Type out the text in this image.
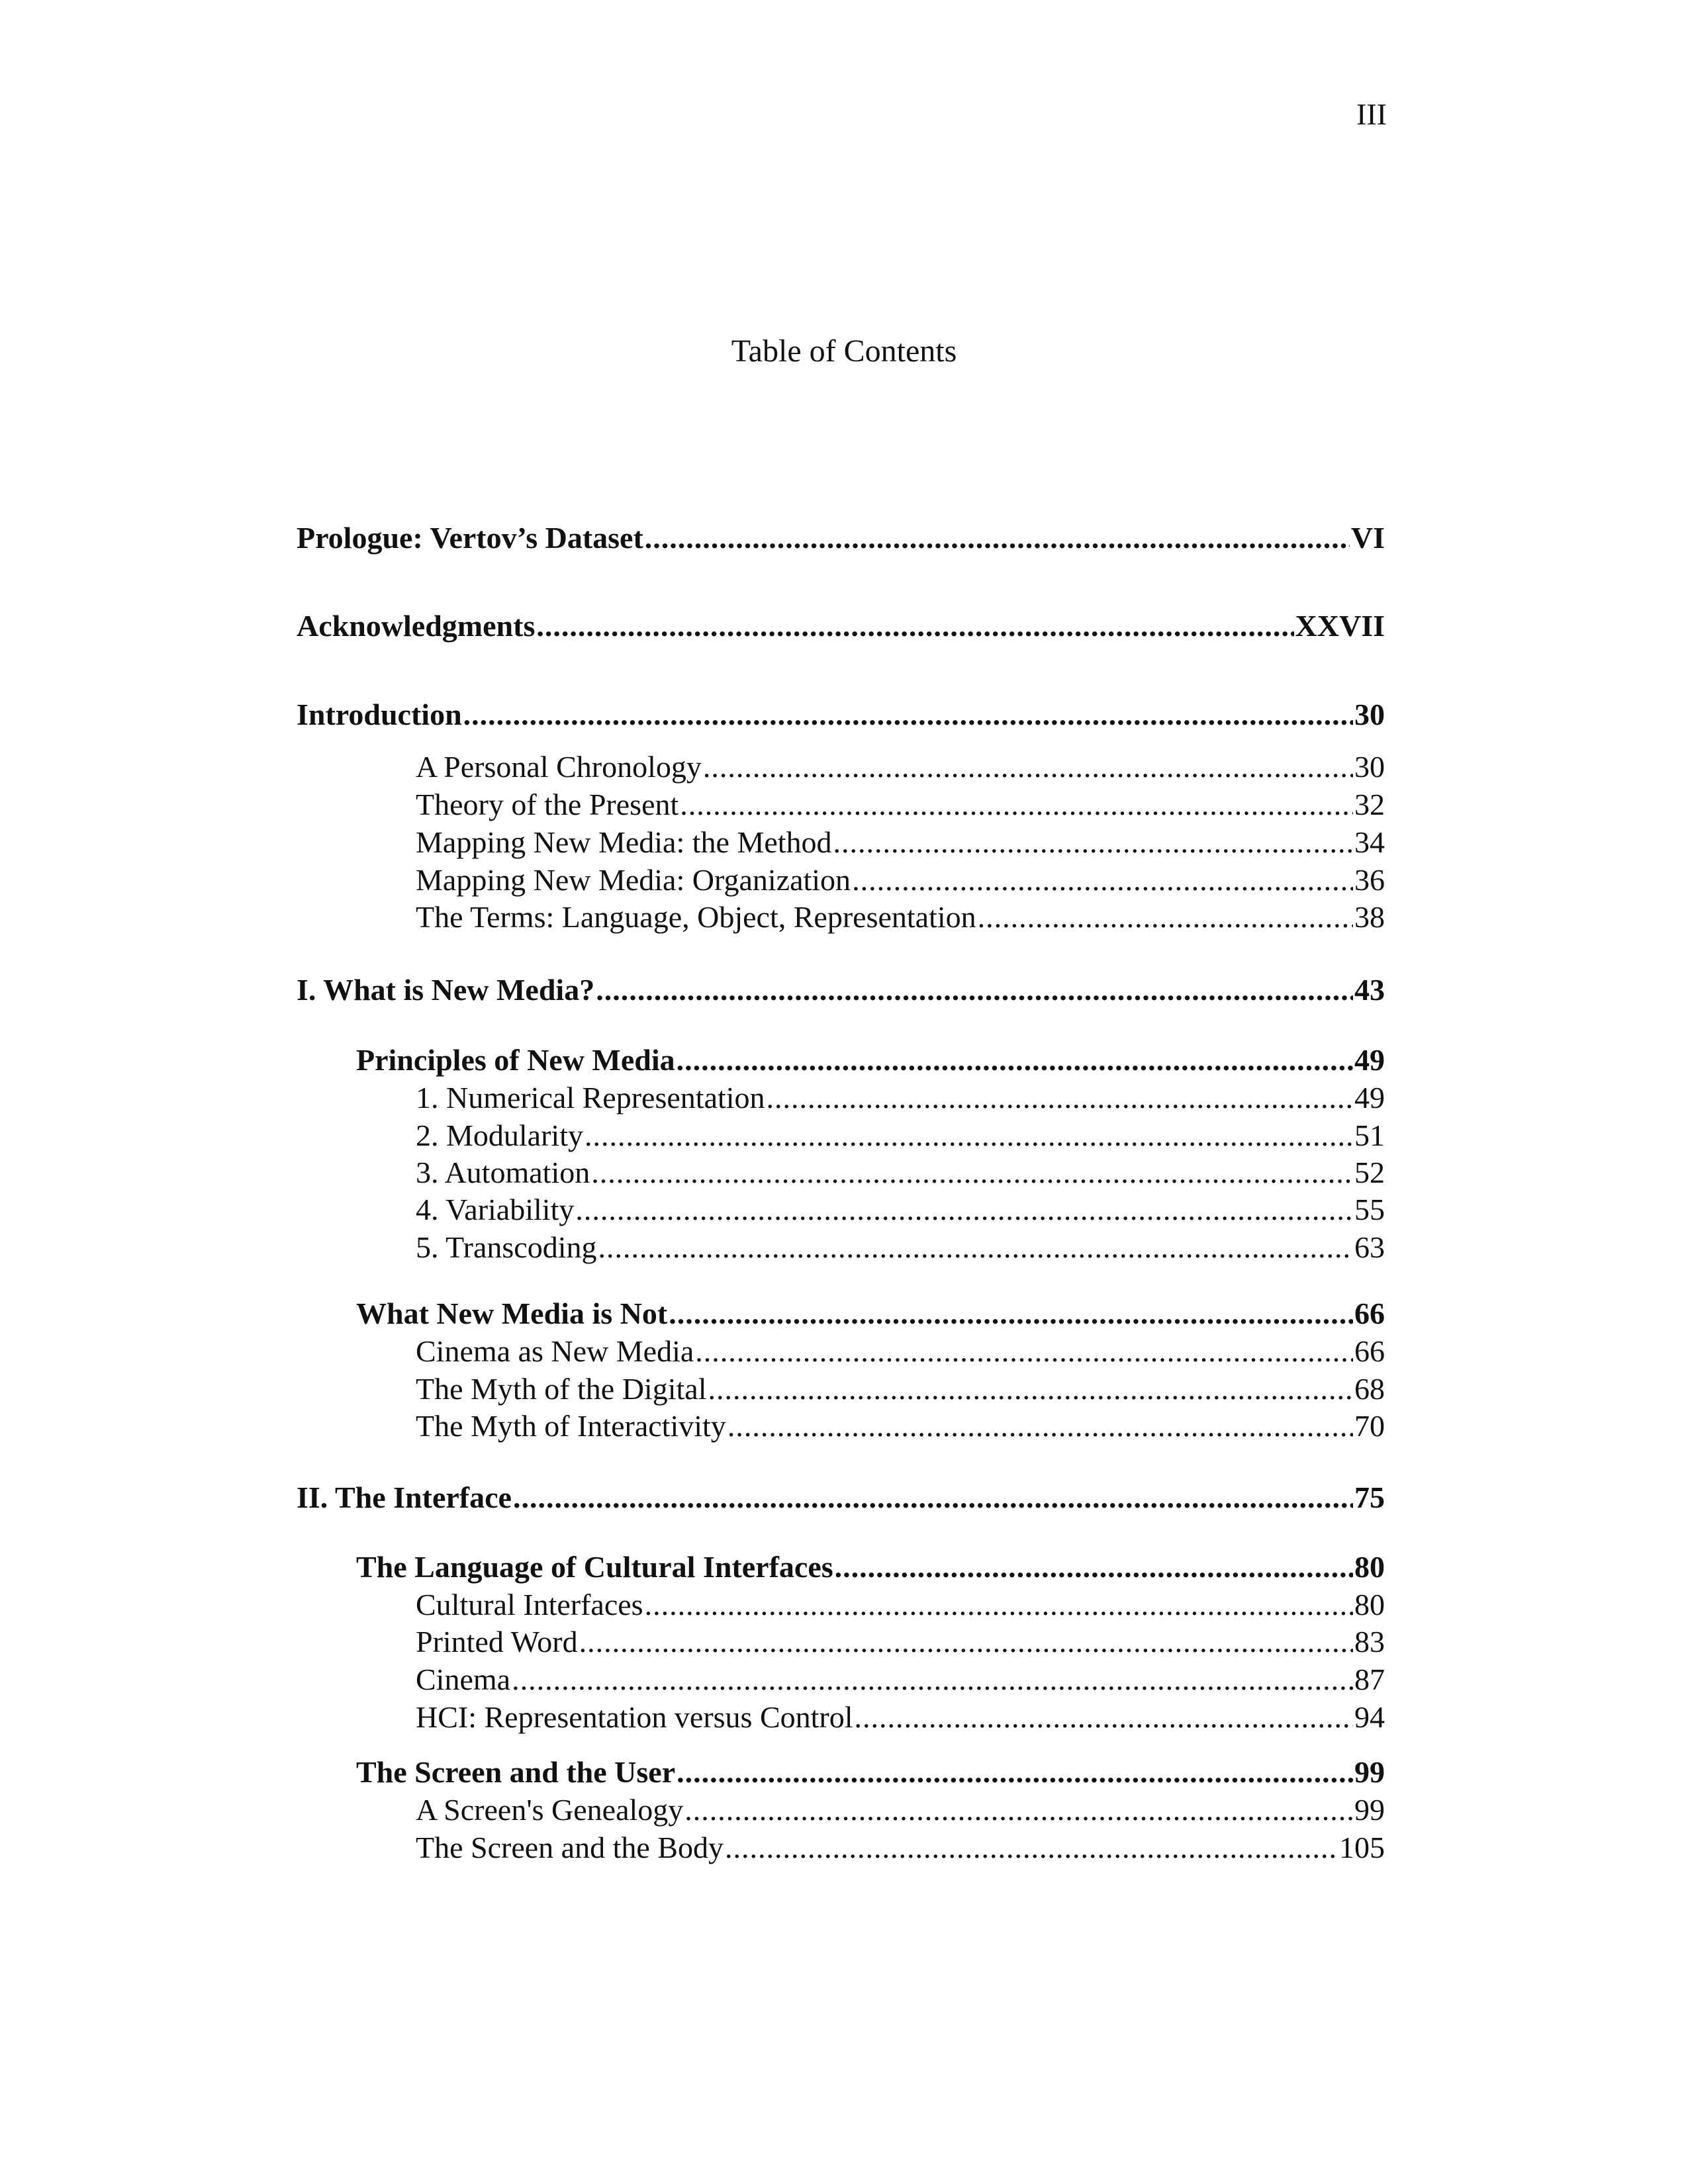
III
Table of Contents
Prologue: Vertov’s Dataset .....	VI
Acknowledgments .....	XXVII
Introduction .....	30
A Personal Chronology .....	30
Theory of the Present .....	32
Mapping New Media: the Method .....	34
Mapping New Media: Organization .....	36
The Terms: Language, Object, Representation .....	38
I. What is New Media? .....	43
Principles of New Media .....	49
1. Numerical Representation .....	49
2. Modularity .....	51
3. Automation .....	52
4. Variability .....	55
5. Transcoding .....	63
What New Media is Not .....	66
Cinema as New Media .....	66
The Myth of the Digital .....	68
The Myth of Interactivity .....	70
II. The Interface .....	75
The Language of Cultural Interfaces .....	80
Cultural Interfaces .....	80
Printed Word .....	83
Cinema .....	87
HCI: Representation versus Control .....	94
The Screen and the User .....	99
A Screen's Genealogy .....	99
The Screen and the Body .....	105
